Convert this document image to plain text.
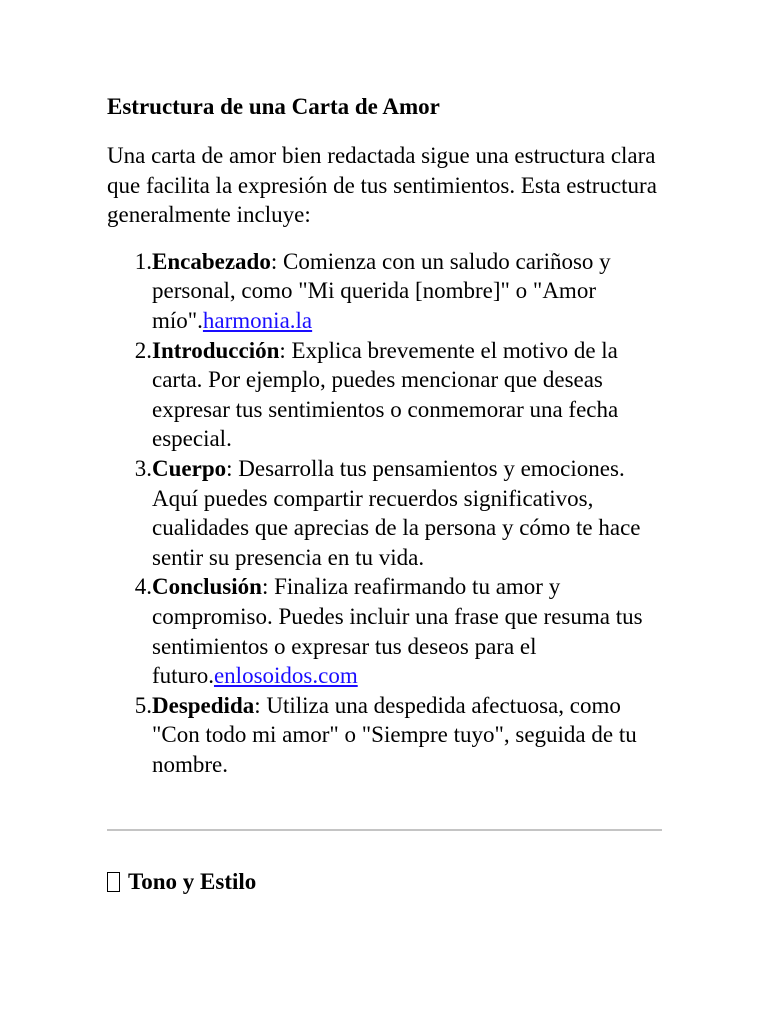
Estructura de una Carta de Amor

Una carta de amor bien redactada sigue una estructura clara que facilita la expresión de tus sentimientos. Esta estructura generalmente incluye:

1. Encabezado: Comienza con un saludo cariñoso y personal, como "Mi querida [nombre]" o "Amor mío".harmonia.la
2. Introducción: Explica brevemente el motivo de la carta. Por ejemplo, puedes mencionar que deseas expresar tus sentimientos o conmemorar una fecha especial.
3. Cuerpo: Desarrolla tus pensamientos y emociones. Aquí puedes compartir recuerdos significativos, cualidades que aprecias de la persona y cómo te hace sentir su presencia en tu vida.
4. Conclusión: Finaliza reafirmando tu amor y compromiso. Puedes incluir una frase que resuma tus sentimientos o expresar tus deseos para el futuro.enlosoidos.com
5. Despedida: Utiliza una despedida afectuosa, como "Con todo mi amor" o "Siempre tuyo", seguida de tu nombre.
Tono y Estilo
